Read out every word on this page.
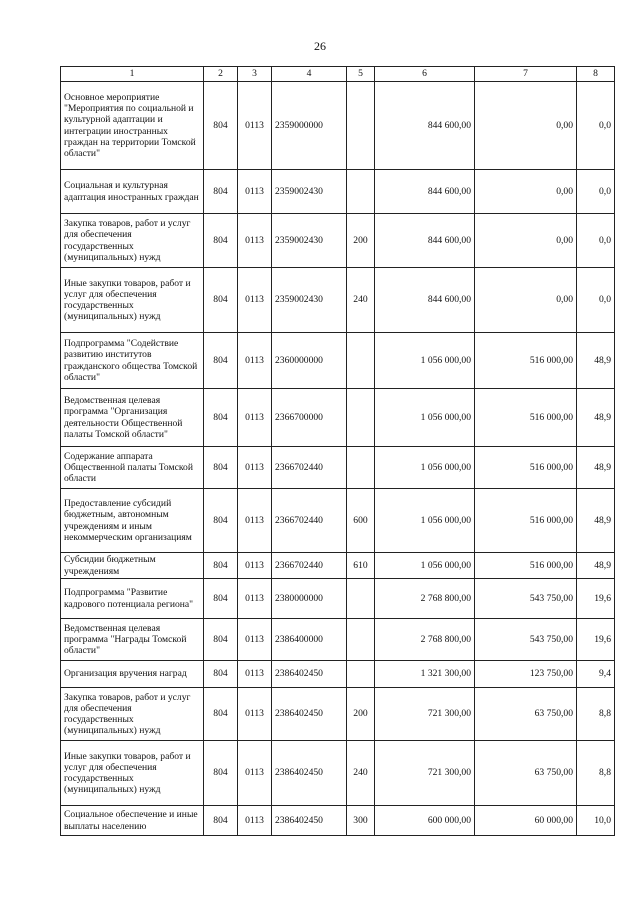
26
1	2	3	4	5	6	7	8
Основное мероприятие "Мероприятия по социальной и культурной адаптации и интеграции иностранных граждан на территории Томской области"	804	0113	2359000000		844 600,00	0,00	0,0
Социальная и культурная адаптация иностранных граждан	804	0113	2359002430		844 600,00	0,00	0,0
Закупка товаров, работ и услуг для обеспечения государственных (муниципальных) нужд	804	0113	2359002430	200	844 600,00	0,00	0,0
Иные закупки товаров, работ и услуг для обеспечения государственных (муниципальных) нужд	804	0113	2359002430	240	844 600,00	0,00	0,0
Подпрограмма "Содействие развитию институтов гражданского общества Томской области"	804	0113	2360000000		1 056 000,00	516 000,00	48,9
Ведомственная целевая программа "Организация деятельности Общественной палаты Томской области"	804	0113	2366700000		1 056 000,00	516 000,00	48,9
Содержание аппарата Общественной палаты Томской области	804	0113	2366702440		1 056 000,00	516 000,00	48,9
Предоставление субсидий бюджетным, автономным учреждениям и иным некоммерческим организациям	804	0113	2366702440	600	1 056 000,00	516 000,00	48,9
Субсидии бюджетным учреждениям	804	0113	2366702440	610	1 056 000,00	516 000,00	48,9
Подпрограмма "Развитие кадрового потенциала региона"	804	0113	2380000000		2 768 800,00	543 750,00	19,6
Ведомственная целевая программа "Награды Томской области"	804	0113	2386400000		2 768 800,00	543 750,00	19,6
Организация вручения наград	804	0113	2386402450		1 321 300,00	123 750,00	9,4
Закупка товаров, работ и услуг для обеспечения государственных (муниципальных) нужд	804	0113	2386402450	200	721 300,00	63 750,00	8,8
Иные закупки товаров, работ и услуг для обеспечения государственных (муниципальных) нужд	804	0113	2386402450	240	721 300,00	63 750,00	8,8
Социальное обеспечение и иные выплаты населению	804	0113	2386402450	300	600 000,00	60 000,00	10,0
